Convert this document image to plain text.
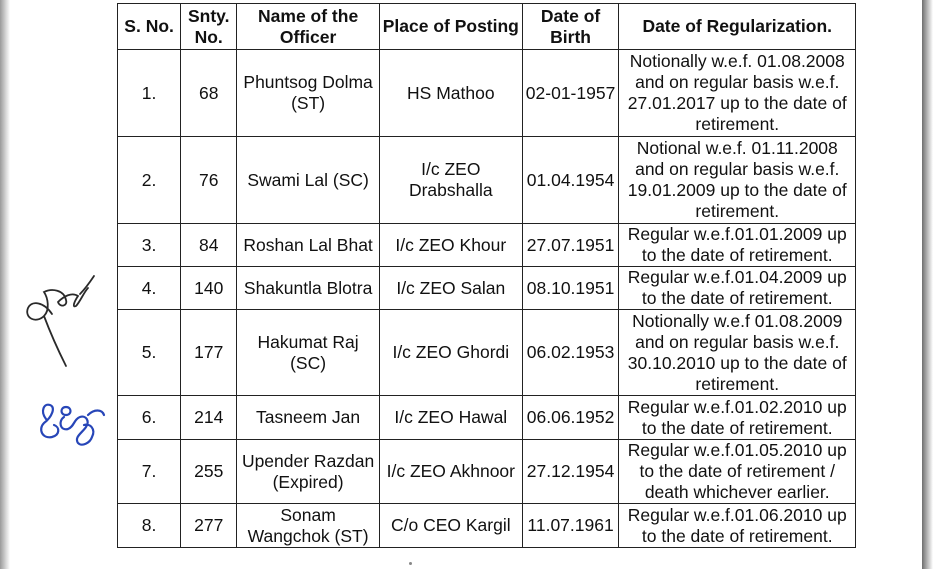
S. No.	Snty. No.	Name of the Officer	Place of Posting	Date of Birth	Date of Regularization.
1.	68	Phuntsog Dolma (ST)	HS Mathoo	02-01-1957	Notionally w.e.f. 01.08.2008 and on regular basis w.e.f. 27.01.2017 up to the date of retirement.
2.	76	Swami Lal (SC)	I/c ZEO Drabshalla	01.04.1954	Notional w.e.f. 01.11.2008 and on regular basis w.e.f. 19.01.2009 up to the date of retirement.
3.	84	Roshan Lal Bhat	I/c ZEO Khour	27.07.1951	Regular w.e.f.01.01.2009 up to the date of retirement.
4.	140	Shakuntla Blotra	I/c ZEO Salan	08.10.1951	Regular w.e.f.01.04.2009 up to the date of retirement.
5.	177	Hakumat Raj (SC)	I/c ZEO Ghordi	06.02.1953	Notionally w.e.f 01.08.2009 and on regular basis w.e.f. 30.10.2010 up to the date of retirement.
6.	214	Tasneem Jan	I/c ZEO Hawal	06.06.1952	Regular w.e.f.01.02.2010 up to the date of retirement.
7.	255	Upender Razdan (Expired)	I/c ZEO Akhnoor	27.12.1954	Regular w.e.f.01.05.2010 up to the date of retirement / death whichever earlier.
8.	277	Sonam Wangchok (ST)	C/o CEO Kargil	11.07.1961	Regular w.e.f.01.06.2010 up to the date of retirement.
